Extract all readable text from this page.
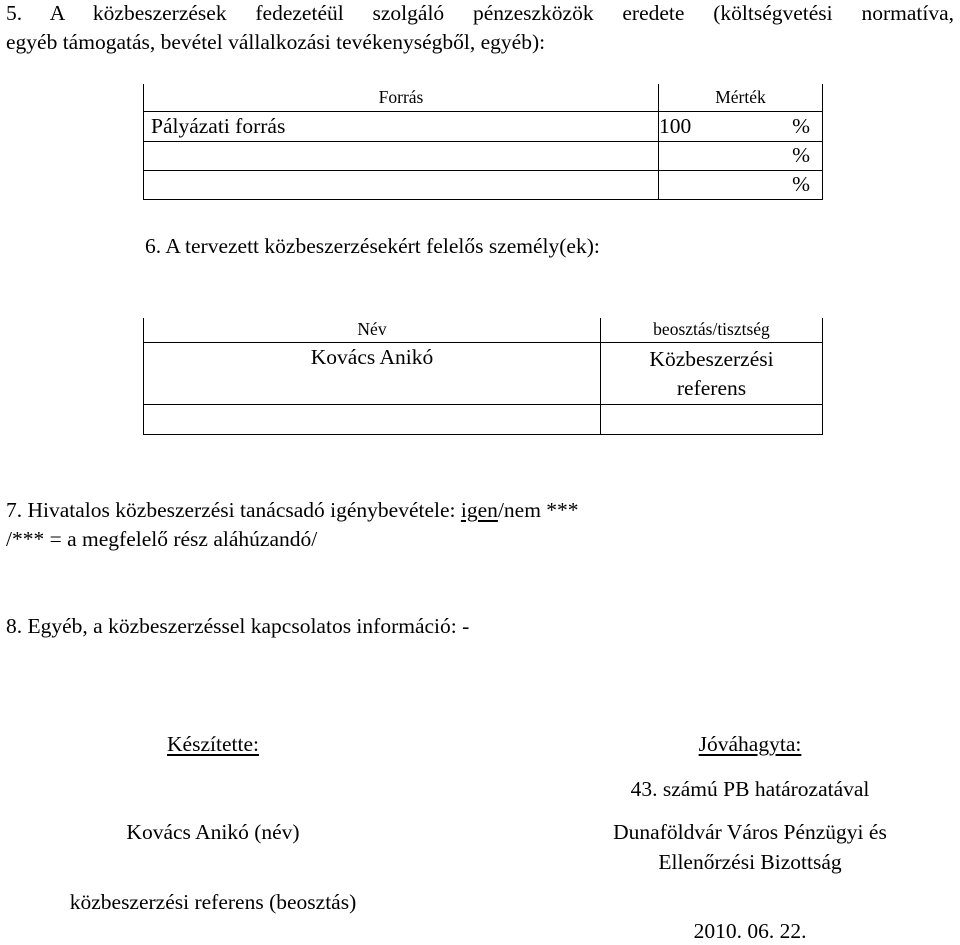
5. A közbeszerzések fedezetéül szolgáló pénzeszközök eredete (költségvetési normatíva,
egyéb támogatás, bevétel vállalkozási tevékenységből, egyéb):
Forrás	Mérték
Pályázati forrás	100 %

	%
	%
6. A tervezett közbeszerzésekért felelős személy(ek):
Név	beosztás/tisztség
Kovács Anikó	Közbeszerzési
referens

7. Hivatalos közbeszerzési tanácsadó igénybevétele: igen/nem ***
/*** = a megfelelő rész aláhúzandó/
8. Egyéb, a közbeszerzéssel kapcsolatos információ: -
Készítette:	Jóváhagyta:
43. számú PB határozatával
Kovács Anikó (név)	Dunaföldvár Város Pénzügyi és
Ellenőrzési Bizottság
közbeszerzési referens (beosztás)
2010. 06. 22.
